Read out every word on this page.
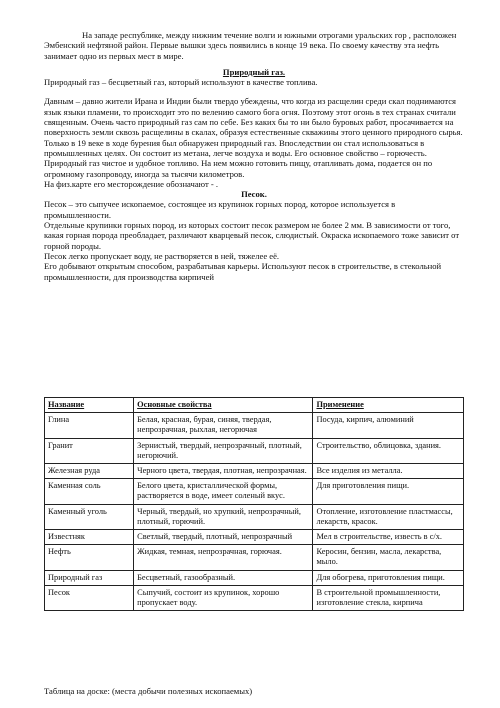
На западе республике, между нижним течение волги и южными отрогами уральских гор , расположен Эмбенский нефтяной район. Первые вышки здесь появились в конце 19 века. По своему качеству эта нефть занимает одно из первых мест в мире.

Природный газ.

Природный газ – бесцветный газ, который используют в качестве топлива.

Давным – давно жители Ирана и Индии были твердо убеждены, что когда из расщелин среди скал поднимаются язык языки пламени, то происходит это по велению самого бога огня. Поэтому этот огонь в тех странах считали священным. Очень часто природный газ сам по себе. Без каких бы то ни было буровых работ, просачивается на поверхность земли сквозь расщелины в скалах, образуя естественные скважины этого ценного природного сырья. Только в 19 веке в ходе бурения был обнаружен природный газ. Впоследствии он стал использоваться в промышленных целях. Он состоит из метана, легче воздуха и воды. Его основное свойство – горючесть.

Природный газ чистое и удобное топливо. На нем можно готовить пищу, отапливать дома, подается он по огромному газопроводу, иногда за тысячи километров.

На физ.карте его месторождение обозначают - .

Песок.

Песок – это сыпучее ископаемое, состоящее из крупинок горных пород, которое используется в промышленности.

Отдельные крупинки горных пород, из которых состоит песок размером не более 2 мм. В зависимости от того, какая горная порода преобладает, различают кварцевый песок, слюдистый. Окраска ископаемого тоже зависит от горной породы.

Песок легко пропускает воду, не растворяется в ней, тяжелее её.

Его добывают открытым способом, разрабатывая карьеры. Используют песок в строительстве, в стекольной промышленности, для производства кирпичей

Название	Основные свойства	Применение
Глина	Белая, красная, бурая, синяя, твердая, непрозрачная, рыхлая, негорючая	Посуда, кирпич, алюминий
Гранит	Зернистый, твердый, непрозрачный, плотный, негорючий.	Строительство, облицовка, здания.
Железная руда	Черного цвета, твердая, плотная, непрозрачная.	Все изделия из металла.
Каменная соль	Белого цвета, кристаллической формы, растворяется в воде, имеет соленый вкус.	Для приготовления пищи.
Каменный уголь	Черный, твердый, но хрупкий, непрозрачный, плотный, горючий.	Отопление, изготовление пластмассы, лекарств, красок.
Известняк	Светлый, твердый, плотный, непрозрачный	Мел в строительстве, известь в с/х.
Нефть	Жидкая, темная, непрозрачная, горючая.	Керосин, бензин, масла, лекарства, мыло.
Природный газ	Бесцветный, газообразный.	Для обогрева, приготовления пищи.
Песок	Сыпучий, состоит из крупинок, хорошо пропускает воду.	В строительной промышленности, изготовление стекла, кирпича
Таблица на доске: (места добычи полезных ископаемых)
